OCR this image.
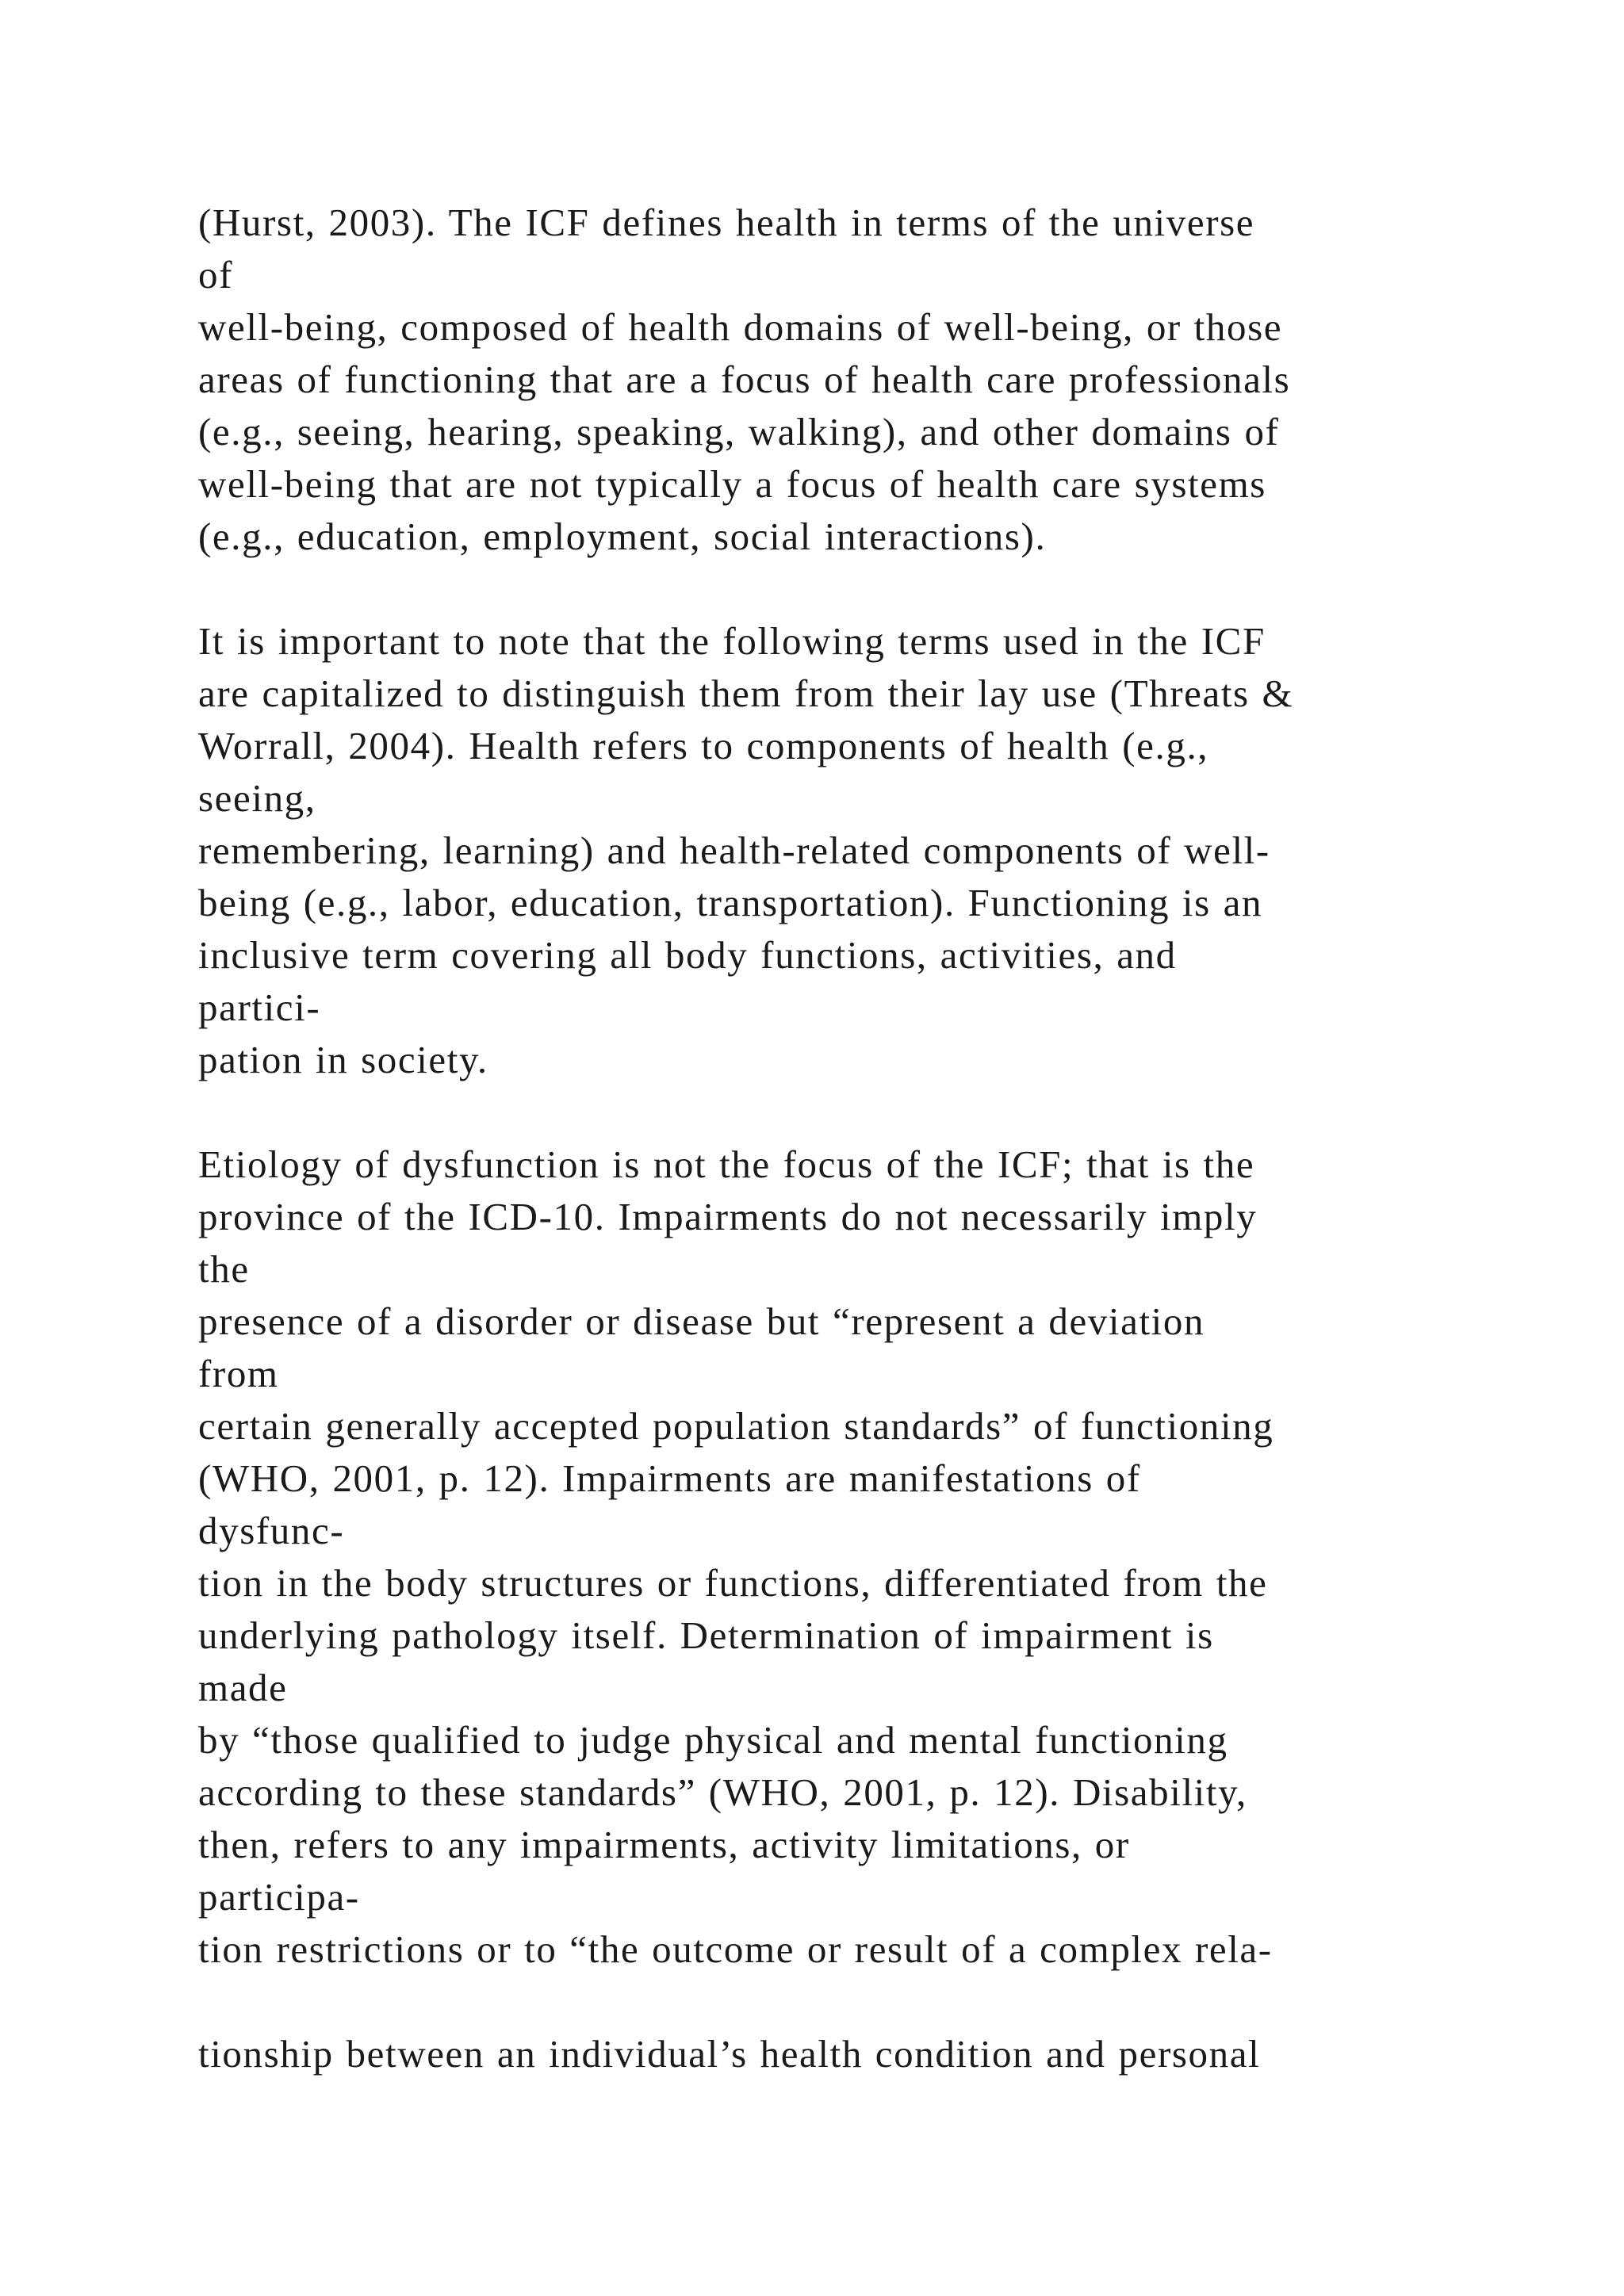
(Hurst, 2003). The ICF defines health in terms of the universe
of
well-being, composed of health domains of well-being, or those
areas of functioning that are a focus of health care professionals
(e.g., seeing, hearing, speaking, walking), and other domains of
well-being that are not typically a focus of health care systems
(e.g., education, employment, social interactions).
It is important to note that the following terms used in the ICF
are capitalized to distinguish them from their lay use (Threats &
Worrall, 2004). Health refers to components of health (e.g.,
seeing,
remembering, learning) and health-related components of well-
being (e.g., labor, education, transportation). Functioning is an
inclusive term covering all body functions, activities, and
partici-
pation in society.
Etiology of dysfunction is not the focus of the ICF; that is the
province of the ICD-10. Impairments do not necessarily imply
the
presence of a disorder or disease but “represent a deviation
from
certain generally accepted population standards” of functioning
(WHO, 2001, p. 12). Impairments are manifestations of
dysfunc-
tion in the body structures or functions, differentiated from the
underlying pathology itself. Determination of impairment is
made
by “those qualified to judge physical and mental functioning
according to these standards” (WHO, 2001, p. 12). Disability,
then, refers to any impairments, activity limitations, or
participa-
tion restrictions or to “the outcome or result of a complex rela-
tionship between an individual’s health condition and personal
